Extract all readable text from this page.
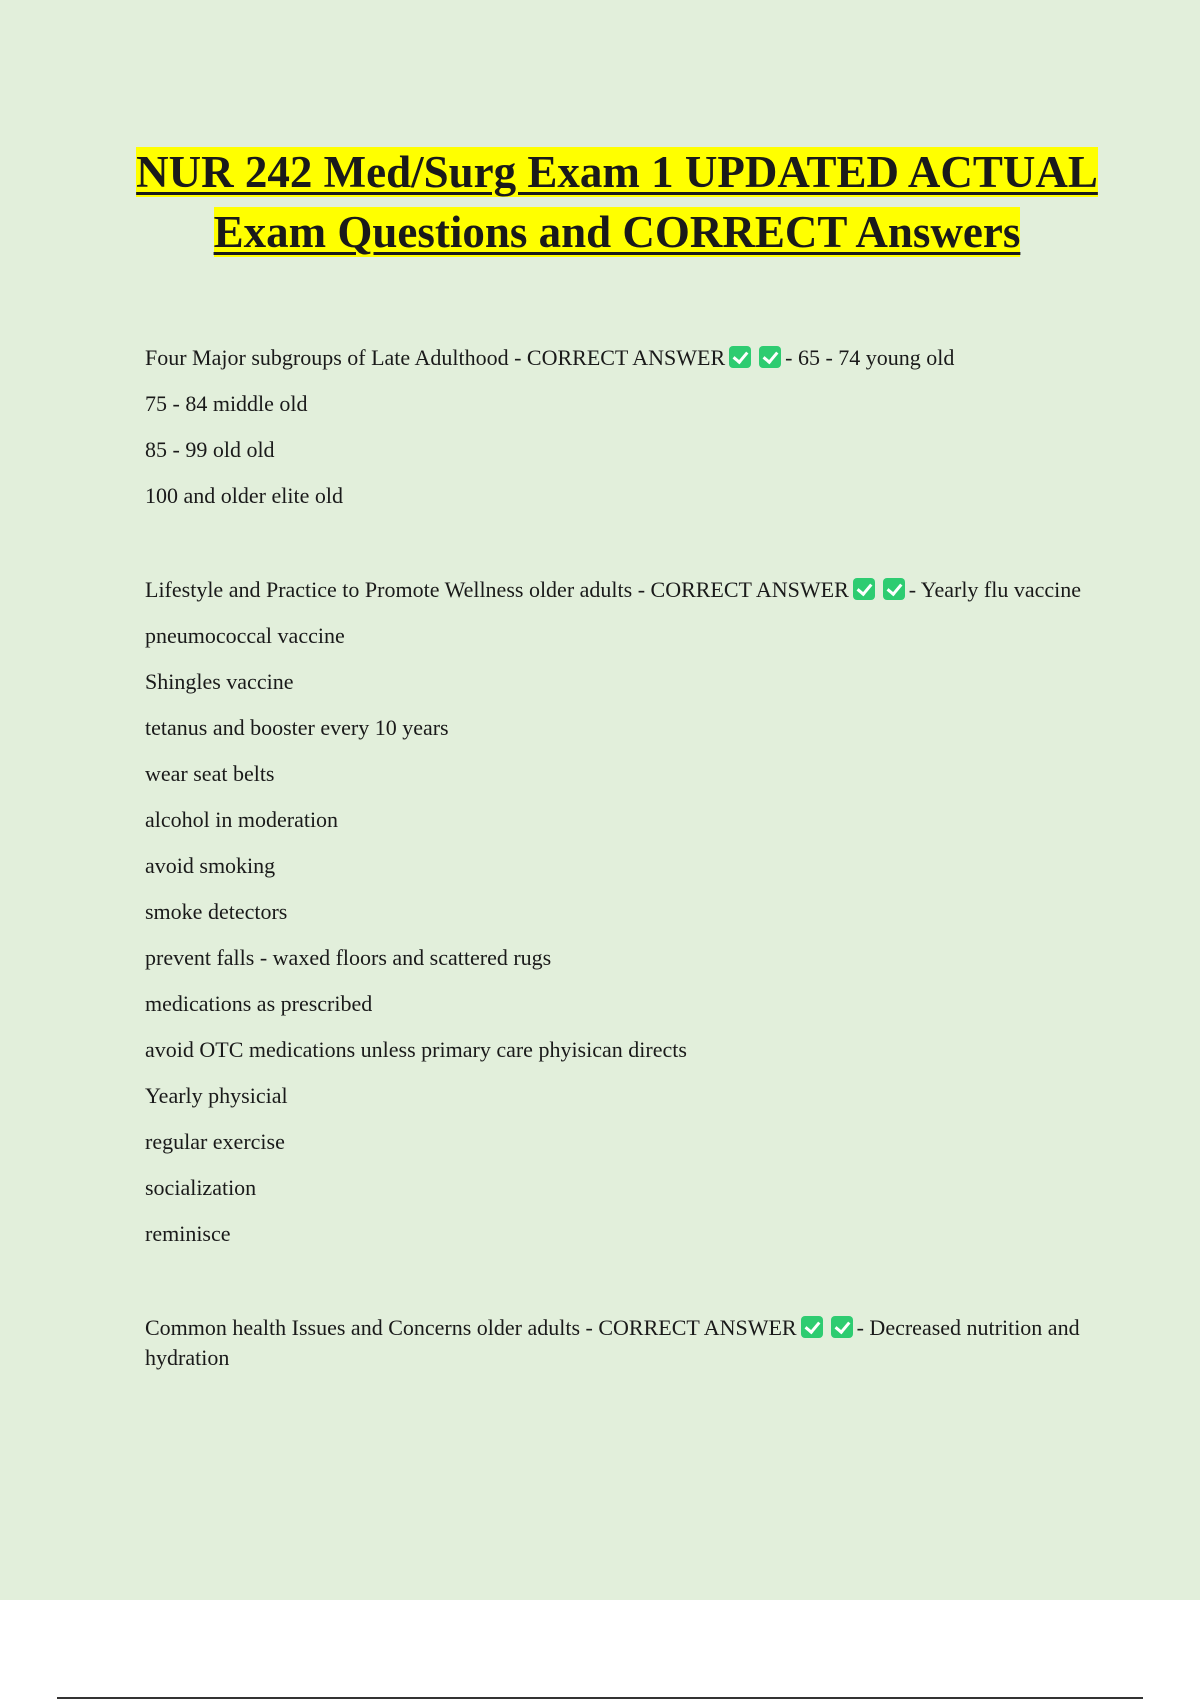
NUR 242 Med/Surg Exam 1 UPDATED ACTUAL Exam Questions and CORRECT Answers
Four Major subgroups of Late Adulthood - CORRECT ANSWER	- 65 - 74 young old
75 - 84 middle old
85 - 99 old old
100 and older elite old
Lifestyle and Practice to Promote Wellness older adults - CORRECT ANSWER	- Yearly flu vaccine
pneumococcal vaccine
Shingles vaccine
tetanus and booster every 10 years
wear seat belts
alcohol in moderation
avoid smoking
smoke detectors
prevent falls - waxed floors and scattered rugs
medications as prescribed
avoid OTC medications unless primary care phyisican directs
Yearly physicial
regular exercise
socialization
reminisce
Common health Issues and Concerns older adults - CORRECT ANSWER	- Decreased nutrition and hydration
